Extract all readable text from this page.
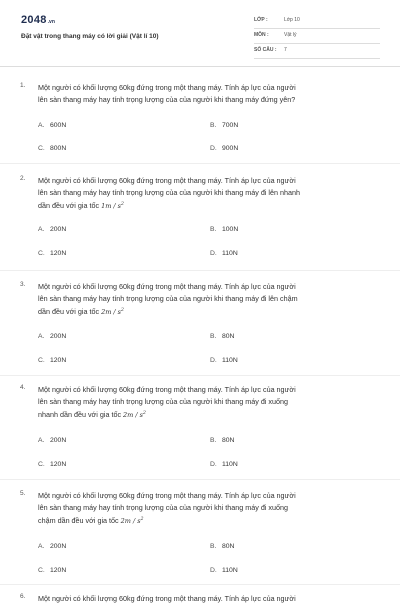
2048.vn
Đặt vật trong thang máy có lời giải (Vật lí 10)
LỚP :	Lớp 10
MÔN :	Vật lý
SỐ CÂU : 7
1. Một người có khối lượng 60kg đứng trong một thang máy. Tính áp lực của người
lên sàn thang máy hay tính trọng lượng của của người khi thang máy đứng yên?
A. 600N	B. 700N
C. 800N	D. 900N
2. Một người có khối lượng 60kg đứng trong một thang máy. Tính áp lực của người
lên sàn thang máy hay tính trọng lượng của của người khi thang máy đi lên nhanh
dần đều với gia tốc $1m / s^2$
A. 200N	B. 100N
C. 120N	D. 110N
3. Một người có khối lượng 60kg đứng trong một thang máy. Tính áp lực của người
lên sàn thang máy hay tính trọng lượng của của người khi thang máy đi lên chậm
dần đều với gia tốc $2m / s^2$
A. 200N	B. 80N
C. 120N	D. 110N
4. Một người có khối lượng 60kg đứng trong một thang máy. Tính áp lực của người
lên sàn thang máy hay tính trọng lượng của của người khi thang máy đi xuống
nhanh dần đều với gia tốc $2m / s^2$
A. 200N	B. 80N
C. 120N	D. 110N
5. Một người có khối lượng 60kg đứng trong một thang máy. Tính áp lực của người
lên sàn thang máy hay tính trọng lượng của của người khi thang máy đi xuống
chậm dần đều với gia tốc $2m / s^2$
A. 200N	B. 80N
C. 120N	D. 110N
6. Một người có khối lượng 60kg đứng trong một thang máy. Tính áp lực của người
